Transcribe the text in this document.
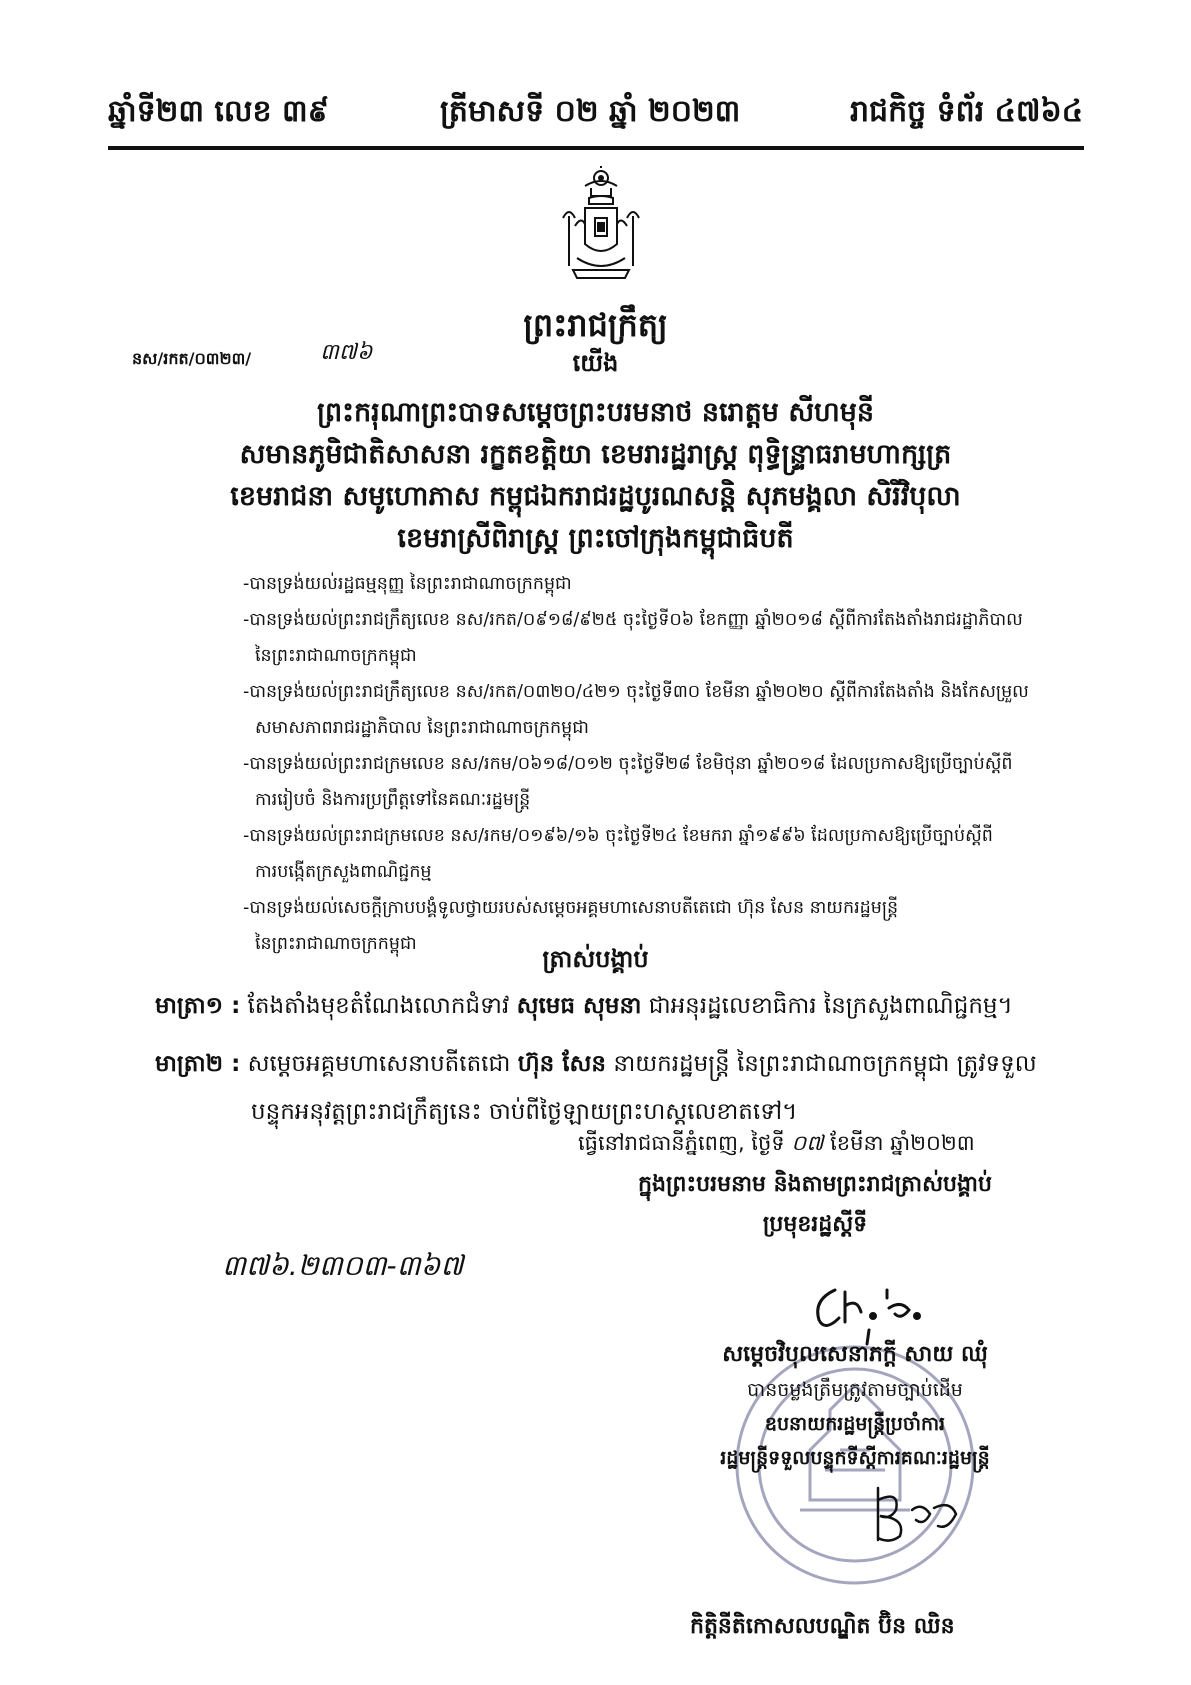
ឆ្នាំទី២៣ លេខ ៣៩	ត្រីមាសទី ០២ ឆ្នាំ ២០២៣	រាជកិច្ច ទំព័រ ៤៧៦៤
ព្រះរាជក្រឹត្យ
នស/រកត/០៣២៣/	៣៧៦	យើង
ព្រះករុណាព្រះបាទសម្តេចព្រះបរមនាថ នរោត្តម សីហមុនី
សមានភូមិជាតិសាសនា រក្ខតខត្តិយា ខេមរារដ្ឋរាស្ត្រ ពុទ្ធិន្ទ្រាធរាមហាក្សត្រ
ខេមរាជនា សមូហោភាស កម្ពុជឯករាជរដ្ឋបូរណសន្តិ សុភមង្គលា សិរីវិបុលា
ខេមរាស្រីពិរាស្ត្រ ព្រះចៅក្រុងកម្ពុជាធិបតី

-បានទ្រង់យល់រដ្ឋធម្មនុញ្ញ នៃព្រះរាជាណាចក្រកម្ពុជា

-បានទ្រង់យល់ព្រះរាជក្រឹត្យលេខ នស/រកត/០៩១៨/៩២៥ ចុះថ្ងៃទី០៦ ខែកញ្ញា ឆ្នាំ២០១៨ ស្តីពីការតែងតាំងរាជរដ្ឋាភិបាល
នៃព្រះរាជាណាចក្រកម្ពុជា

-បានទ្រង់យល់ព្រះរាជក្រឹត្យលេខ នស/រកត/០៣២០/៤២១ ចុះថ្ងៃទី៣០ ខែមីនា ឆ្នាំ២០២០ ស្តីពីការតែងតាំង និងកែសម្រួល
សមាសភាពរាជរដ្ឋាភិបាល នៃព្រះរាជាណាចក្រកម្ពុជា

-បានទ្រង់យល់ព្រះរាជក្រមលេខ នស/រកម/០៦១៨/០១២ ចុះថ្ងៃទី២៨ ខែមិថុនា ឆ្នាំ២០១៨ ដែលប្រកាសឱ្យប្រើច្បាប់ស្តីពី
ការរៀបចំ និងការប្រព្រឹត្តទៅនៃគណៈរដ្ឋមន្ត្រី

-បានទ្រង់យល់ព្រះរាជក្រមលេខ នស/រកម/០១៩៦/១៦ ចុះថ្ងៃទី២៤ ខែមករា ឆ្នាំ១៩៩៦ ដែលប្រកាសឱ្យប្រើច្បាប់ស្តីពី
ការបង្កើតក្រសួងពាណិជ្ជកម្ម

-បានទ្រង់យល់សេចក្តីក្រាបបង្គំទូលថ្វាយរបស់សម្តេចអគ្គមហាសេនាបតីតេជោ ហ៊ុន សែន នាយករដ្ឋមន្ត្រី
នៃព្រះរាជាណាចក្រកម្ពុជា

ត្រាស់បង្គាប់
មាត្រា១ : តែងតាំងមុខតំណែងលោកជំទាវ សុមេធ សុមនា ជាអនុរដ្ឋលេខាធិការ នៃក្រសួងពាណិជ្ជកម្ម។
មាត្រា២ : សម្តេចអគ្គមហាសេនាបតីតេជោ ហ៊ុន សែន នាយករដ្ឋមន្ត្រី នៃព្រះរាជាណាចក្រកម្ពុជា ត្រូវទទួល
បន្ទុកអនុវត្តព្រះរាជក្រឹត្យនេះ ចាប់ពីថ្ងៃឡាយព្រះហស្តលេខាតទៅ។
ធ្វើនៅរាជធានីភ្នំពេញ, ថ្ងៃទី ០៧ ខែមីនា ឆ្នាំ២០២៣
ក្នុងព្រះបរមនាម និងតាមព្រះរាជត្រាស់បង្គាប់
ប្រមុខរដ្ឋស្តីទី
៣៧៦.២៣០៣-៣៦៧
សម្តេចវិបុលសេនាភក្តី សាយ ឈុំ
បានចម្លងត្រឹមត្រូវតាមច្បាប់ដើម
ឧបនាយករដ្ឋមន្ត្រីប្រចាំការ
រដ្ឋមន្ត្រីទទួលបន្ទុកទីស្តីការគណៈរដ្ឋមន្ត្រី
កិត្តិនីតិកោសលបណ្ឌិត ប៊ិន ឈិន
